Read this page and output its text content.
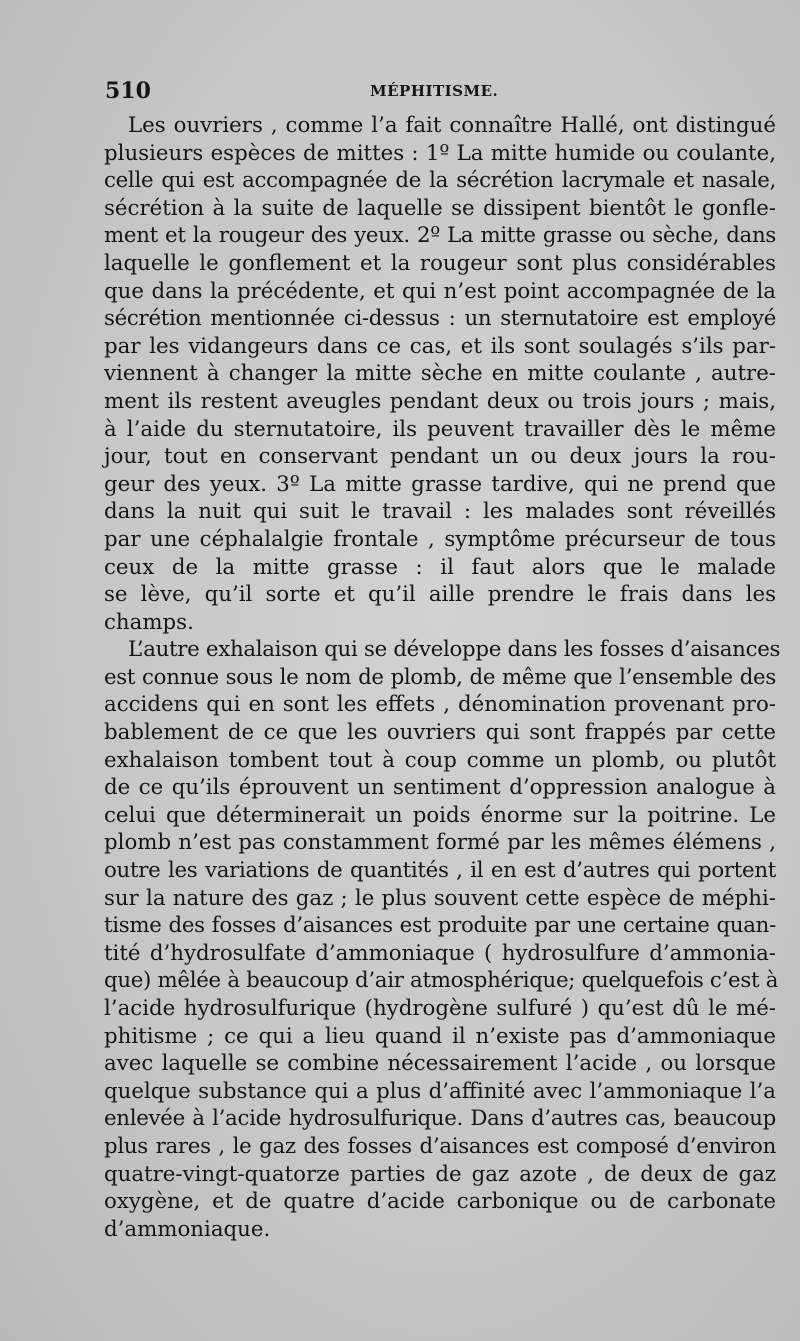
510	MÉPHITISME.
Les ouvriers , comme l’a fait connaître Hallé, ont distingué
plusieurs espèces de mittes : 1º La mitte humide ou coulante,
celle qui est accompagnée de la sécrétion lacrymale et nasale,
sécrétion à la suite de laquelle se dissipent bientôt le gonfle-
ment et la rougeur des yeux. 2º La mitte grasse ou sèche, dans
laquelle le gonflement et la rougeur sont plus considérables
que dans la précédente, et qui n’est point accompagnée de la
sécrétion mentionnée ci-dessus : un sternutatoire est employé
par les vidangeurs dans ce cas, et ils sont soulagés s’ils par-
viennent à changer la mitte sèche en mitte coulante , autre-
ment ils restent aveugles pendant deux ou trois jours ; mais,
à l’aide du sternutatoire, ils peuvent travailler dès le même
jour, tout en conservant pendant un ou deux jours la rou-
geur des yeux. 3º La mitte grasse tardive, qui ne prend que
dans la nuit qui suit le travail : les malades sont réveillés
par une céphalalgie frontale , symptôme précurseur de tous
ceux de la mitte grasse : il faut alors que le malade
se lève, qu’il sorte et qu’il aille prendre le frais dans les
champs.
L’autre exhalaison qui se développe dans les fosses d’aisances
est connue sous le nom de plomb, de même que l’ensemble des
accidens qui en sont les effets , dénomination provenant pro-
bablement de ce que les ouvriers qui sont frappés par cette
exhalaison tombent tout à coup comme un plomb, ou plutôt
de ce qu’ils éprouvent un sentiment d’oppression analogue à
celui que déterminerait un poids énorme sur la poitrine. Le
plomb n’est pas constamment formé par les mêmes élémens ,
outre les variations de quantités , il en est d’autres qui portent
sur la nature des gaz ; le plus souvent cette espèce de méphi-
tisme des fosses d’aisances est produite par une certaine quan-
tité d’hydrosulfate d’ammoniaque ( hydrosulfure d’ammonia-
que) mêlée à beaucoup d’air atmosphérique; quelquefois c’est à
l’acide hydrosulfurique (hydrogène sulfuré ) qu’est dû le mé-
phitisme ; ce qui a lieu quand il n’existe pas d’ammoniaque
avec laquelle se combine nécessairement l’acide , ou lorsque
quelque substance qui a plus d’affinité avec l’ammoniaque l’a
enlevée à l’acide hydrosulfurique. Dans d’autres cas, beaucoup
plus rares , le gaz des fosses d’aisances est composé d’environ
quatre-vingt-quatorze parties de gaz azote , de deux de gaz
oxygène, et de quatre d’acide carbonique ou de carbonate
d’ammoniaque.
